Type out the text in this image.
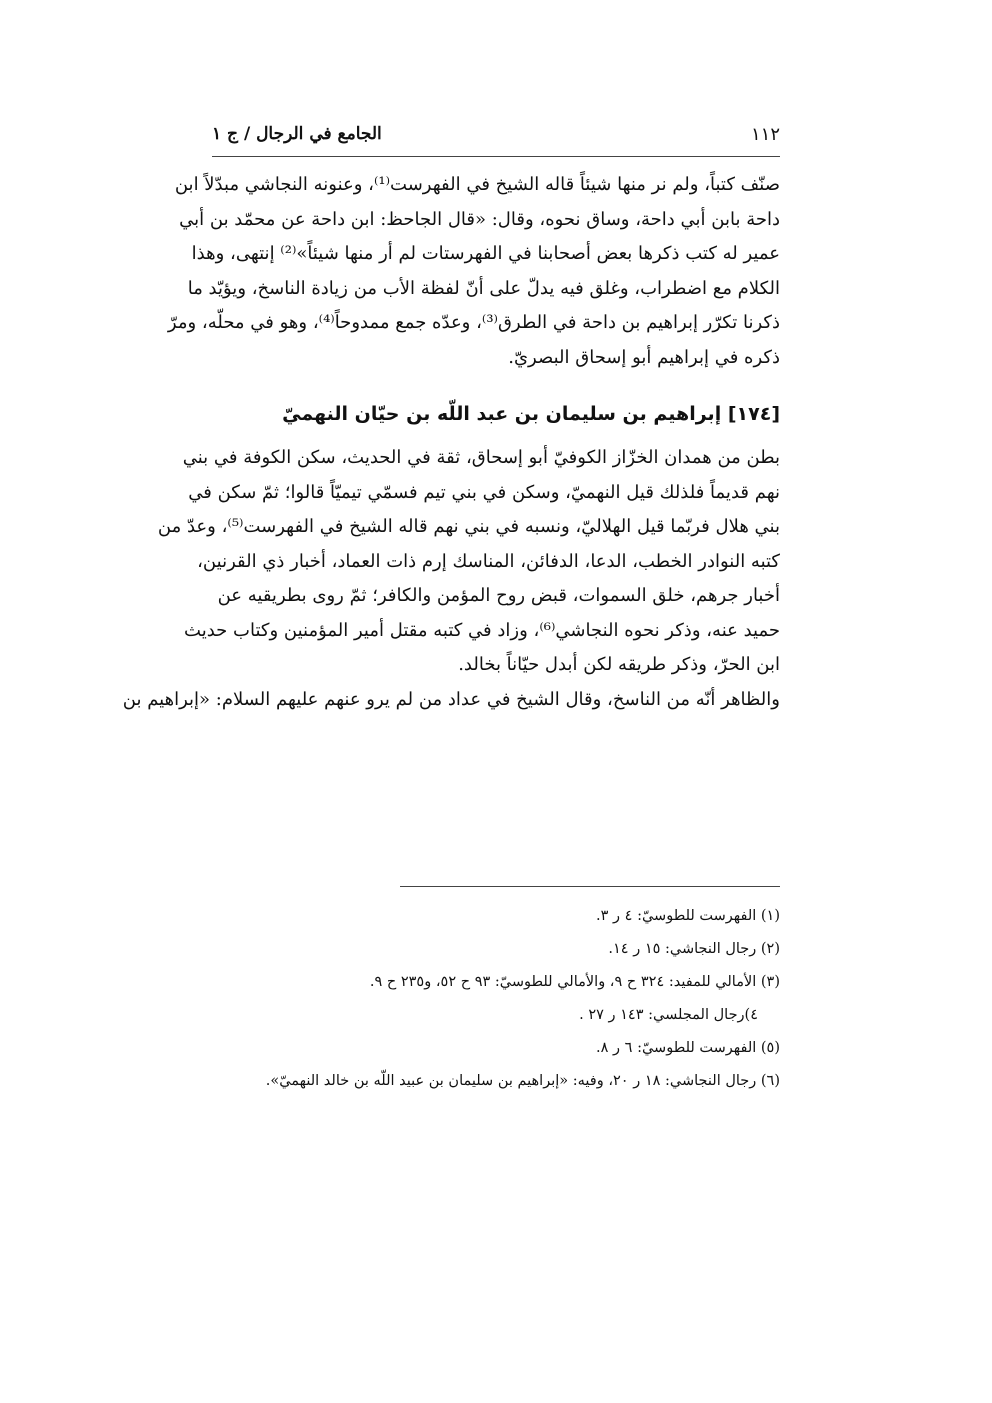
١١٢
الجامع في الرجال / ج ١

صنّف كتباً، ولم نر منها شيئاً قاله الشيخ في الفهرست⁽¹⁾، وعنونه النجاشي مبدّلاً ابن
داحة بابن أبي داحة، وساق نحوه، وقال: «قال الجاحظ: ابن داحة عن محمّد بن أبي
عمير له كتب ذكرها بعض أصحابنا في الفهرستات لم أر منها شيئاً»⁽²⁾ إنتهى، وهذا
الكلام مع اضطراب، وغلق فيه يدلّ على أنّ لفظة الأب من زيادة الناسخ، ويؤيّد ما
ذكرنا تكرّر إبراهيم بن داحة في الطرق⁽³⁾، وعدّه جمع ممدوحاً⁽⁴⁾، وهو في محلّه، ومرّ
ذكره في إبراهيم أبو إسحاق البصريّ.

[١٧٤] إبراهيم بن سليمان بن عبد اللّه بن حيّان النهميّ

بطن من همدان الخزّاز الكوفيّ أبو إسحاق، ثقة في الحديث، سكن الكوفة في بني
نهم قديماً فلذلك قيل النهميّ، وسكن في بني تيم فسمّي تيميّاً قالوا؛ ثمّ سكن في
بني هلال فربّما قيل الهلاليّ، ونسبه في بني نهم قاله الشيخ في الفهرست⁽⁵⁾، وعدّ من
كتبه النوادر الخطب، الدعا، الدفائن، المناسك إرم ذات العماد، أخبار ذي القرنين،
أخبار جرهم، خلق السموات، قبض روح المؤمن والكافر؛ ثمّ روى بطريقيه عن
حميد عنه، وذكر نحوه النجاشي⁽⁶⁾، وزاد في كتبه مقتل أمير المؤمنين وكتاب حديث
ابن الحرّ، وذكر طريقه لكن أبدل حيّاناً بخالد.
والظاهر أنّه من الناسخ، وقال الشيخ في عداد من لم يرو عنهم عليهم السلام: «إبراهيم بن

(١) الفهرست للطوسيّ: ٤ ر ٣.
(٢) رجال النجاشي: ١٥ ر ١٤.
(٣) الأمالي للمفيد: ٣٢٤ ح ٩، والأمالي للطوسيّ: ٩٣ ح ٥٢، و٢٣٥ ح ٩.
٤)رجال المجلسي: ١٤٣ ر ٢٧ .
(٥) الفهرست للطوسيّ: ٦ ر ٨.
(٦) رجال النجاشي: ١٨ ر ٢٠، وفيه: «إبراهيم بن سليمان بن عبيد اللّه بن خالد النهميّ».
